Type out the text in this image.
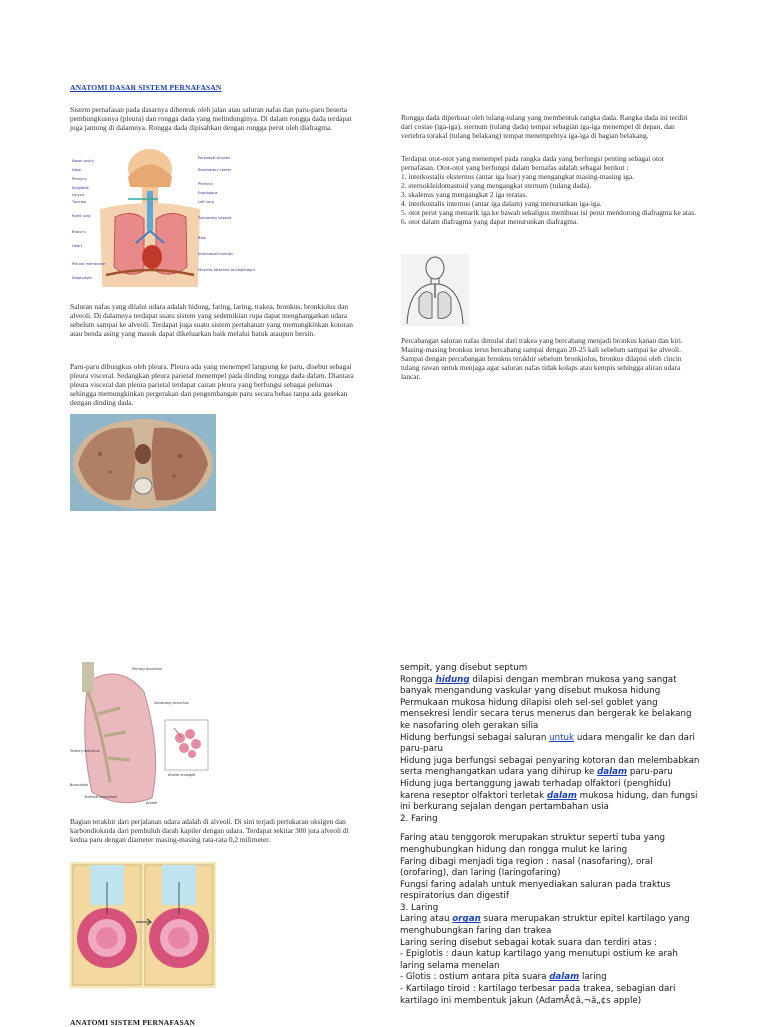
ANATOMI DASAR SISTEM PERNAFASAN
Sistem pernafasan pada dasarnya dibentuk oleh jalan atau saluran nafas dan paru-paru beserta pembungkusnya (pleura) dan rongga dada yang melindunginya. Di dalam rongga dada terdapat juga jantung di dalamnya. Rongga dada dipisahkan dengan rongga perut oleh diafragma.
Nasal cavity
Nose
Pharynx
Epiglottis
Larynx
Trachea
Right lung
Bronchi
Heart
Pleural membrane
Diaphragm
Paranasal sinuses
Respiratory center
Pharynx
Esophagus
Left lung
Pulmonary vessels
Ribs
Intercostal muscles
Muscles attached to diaphragm
Saluran nafas yang dilalui udara adalah hidung, faring, laring, trakea, bronkus, bronkiolus dan alveoli. Di dalamnya terdapat suatu sistem yang sedemikian rupa dapat menghangatkan udara sebelum sampai ke alveoli. Terdapat juga suatu sistem pertahanan yang memungkinkan kotoran atau benda asing yang masuk dapat dikeluarkan baik melalui batuk ataupun bersin.
Paru-paru dibungkus oleh pleura. Pleura ada yang menempel langsung ke paru, disebut sebagai pleura visceral. Sedangkan pleura parietal menempel pada dinding rongga dada dalam. Diantara pleura visceral dan pleura parietal terdapat cairan pleura yang berfungsi sebagai pelumas sehingga memungkinkan pergerakan dan pengembangan paru secara bebas tanpa ada gesekan dengan dinding dada.
Rongga dada diperkuat oleh tulang-tulang yang membentuk rangka dada. Rangka dada ini terdiri dari costae (iga-iga), sternum (tulang dada) tempat sebagian iga-iga menempel di depan, dan vertebra torakal (tulang belakang) tempat menempelnya iga-iga di bagian belakang.
Terdapat otot-otot yang menempel pada rangka dada yang berfungsi penting sebagai otot pernafasan. Otot-otot yang berfungsi dalam bernafas adalah sebagai berikut :
1. interkostalis eksternus (antar iga luar) yang mengangkat masing-masing iga.
2. sternokleidomastoid yang mengangkat sternum (tulang dada).
3. skalenus yang mengangkat 2 iga teratas.
4. interkostalis internus (antar iga dalam) yang menurunkan iga-iga.
5. otot perut yang menarik iga ke bawah sekaligus membuat isi perut mendorong diafragma ke atas.
6. otot dalam diafragma yang dapat menurunkan diafragma.
Percabangan saluran nafas dimulai dari trakea yang bercabang menjadi bronkus kanan dan kiri. Masing-masing bronkus terus bercabang sampai dengan 20-25 kali sebelum sampai ke alveoli. Sampai dengan percabangan bronkus terakhir sebelum bronkiolus, bronkus dilapisi oleh cincin tulang rawan untuk menjaga agar saluran nafas tidak kolaps atau kempis sehingga aliran udara lancar.
Primary bronchus
Secondary bronchus
Tertiary bronchus
Bronchiole
Terminal bronchiole
Alveoli
Alveoli enlarged
Bagian terakhir dari perjalanan udara adalah di alveoli. Di sini terjadi pertukaran oksigen dan karbondioksida dari pembuluh darah kapiler dengan udara. Terdapat sekitar 300 juta alveoli di kedua paru dengan diameter masing-masing rata-rata 0,2 milimeter.
ANATOMI SISTEM PERNAFASAN
sempit, yang disebut septum
Rongga hidung dilapisi dengan membran mukosa yang sangat banyak mengandung vaskular yang disebut mukosa hidung
Permukaan mukosa hidung dilapisi oleh sel-sel goblet yang mensekresi lendir secara terus menerus dan bergerak ke belakang ke nasofaring oleh gerakan silia
Hidung berfungsi sebagai saluran untuk udara mengalir ke dan dari paru-paru
Hidung juga berfungsi sebagai penyaring kotoran dan melembabkan serta menghangatkan udara yang dihirup ke dalam paru-paru
Hidung juga bertanggung jawab terhadap olfaktori (penghidu) karena reseptor olfaktori terletak dalam mukosa hidung, dan fungsi ini berkurang sejalan dengan pertambahan usia
2. Faring
Faring atau tenggorok merupakan struktur seperti tuba yang menghubungkan hidung dan rongga mulut ke laring
Faring dibagi menjadi tiga region : nasal (nasofaring), oral (orofaring), dan laring (laringofaring)
Fungsi faring adalah untuk menyediakan saluran pada traktus respiratorius dan digestif
3. Laring
Laring atau organ suara merupakan struktur epitel kartilago yang menghubungkan faring dan trakea
Laring sering disebut sebagai kotak suara dan terdiri atas :
- Epiglotis : daun katup kartilago yang menutupi ostium ke arah laring selama menelan
- Glotis : ostium antara pita suara dalam laring
- Kartilago tiroid : kartilago terbesar pada trakea, sebagian dari kartilago ini membentuk jakun (AdamĂ¢â‚¬â„¢s apple)
